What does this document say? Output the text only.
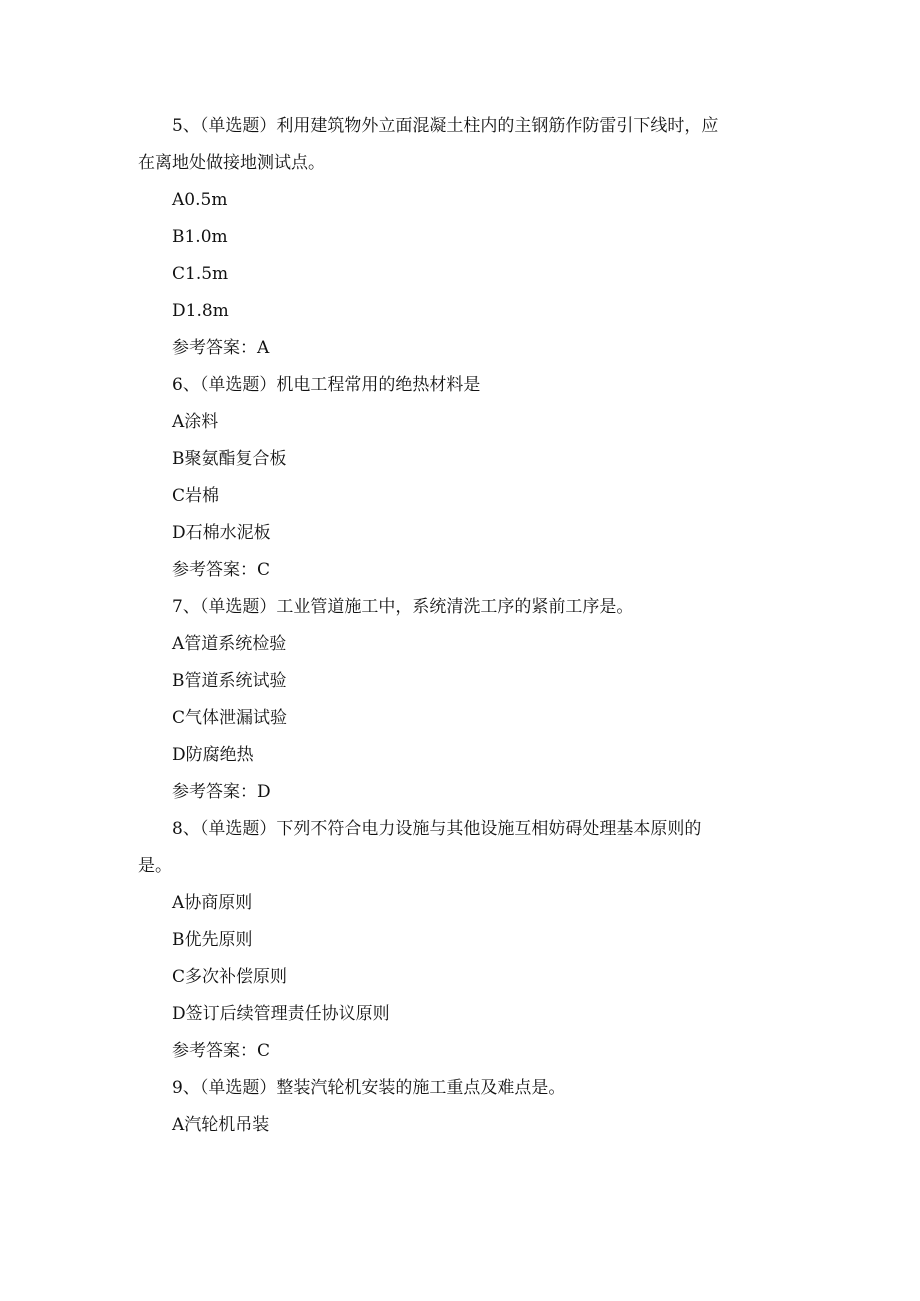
5、（单选题）利用建筑物外立面混凝土柱内的主钢筋作防雷引下线时，应
在离地处做接地测试点。
A0.5m
B1.0m
C1.5m
D1.8m
参考答案：A
6、（单选题）机电工程常用的绝热材料是
A涂料
B聚氨酯复合板
C岩棉
D石棉水泥板
参考答案：C
7、（单选题）工业管道施工中，系统清洗工序的紧前工序是。
A管道系统检验
B管道系统试验
C气体泄漏试验
D防腐绝热
参考答案：D
8、（单选题）下列不符合电力设施与其他设施互相妨碍处理基本原则的
是。
A协商原则
B优先原则
C多次补偿原则
D签订后续管理责任协议原则
参考答案：C
9、（单选题）整装汽轮机安装的施工重点及难点是。
A汽轮机吊装
